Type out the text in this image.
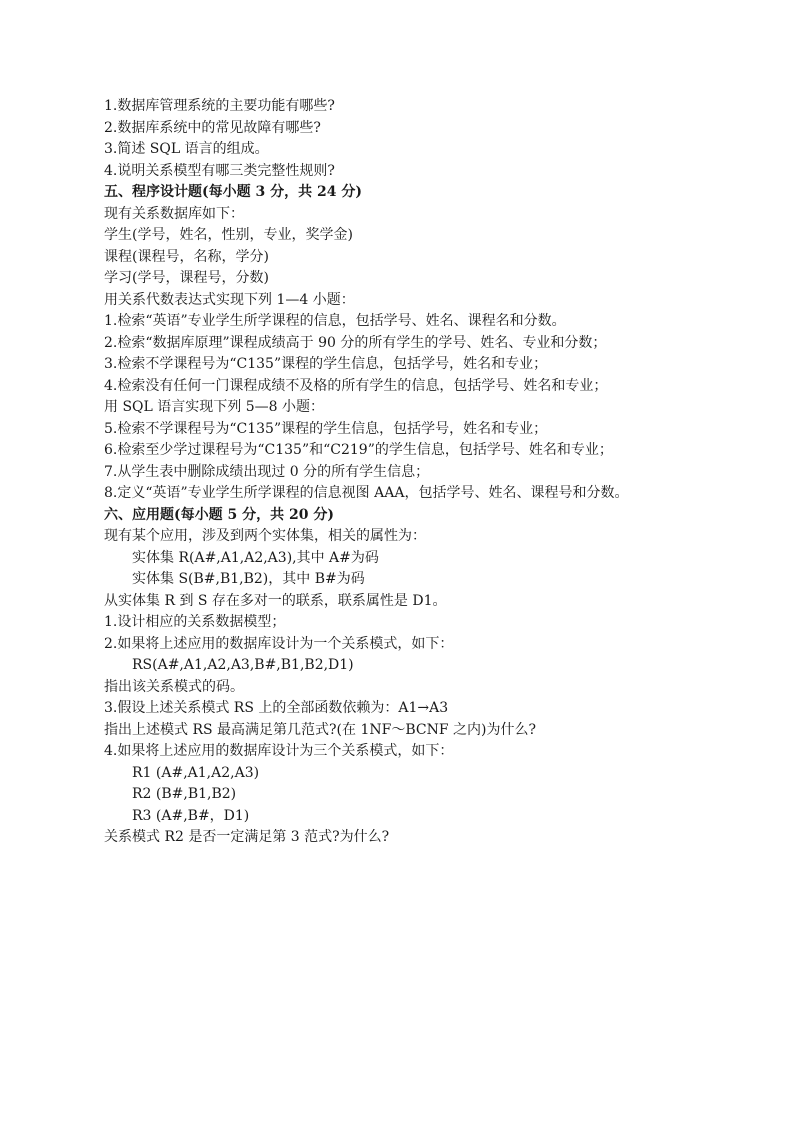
1.数据库管理系统的主要功能有哪些?
2.数据库系统中的常见故障有哪些?
3.简述 SQL 语言的组成。
4.说明关系模型有哪三类完整性规则?
五、程序设计题(每小题 3 分，共 24 分)
现有关系数据库如下：
学生(学号，姓名，性别，专业，奖学金)
课程(课程号，名称，学分)
学习(学号，课程号，分数)
用关系代数表达式实现下列 1—4 小题：
1.检索“英语”专业学生所学课程的信息，包括学号、姓名、课程名和分数。
2.检索“数据库原理”课程成绩高于 90 分的所有学生的学号、姓名、专业和分数；
3.检索不学课程号为“C135”课程的学生信息，包括学号，姓名和专业；
4.检索没有任何一门课程成绩不及格的所有学生的信息，包括学号、姓名和专业；
用 SQL 语言实现下列 5—8 小题：
5.检索不学课程号为“C135”课程的学生信息，包括学号，姓名和专业；
6.检索至少学过课程号为“C135”和“C219”的学生信息，包括学号、姓名和专业；
7.从学生表中删除成绩出现过 0 分的所有学生信息；
8.定义“英语”专业学生所学课程的信息视图 AAA，包括学号、姓名、课程号和分数。
六、应用题(每小题 5 分，共 20 分)
现有某个应用，涉及到两个实体集，相关的属性为：
实体集 R(A#,A1,A2,A3),其中 A#为码
实体集 S(B#,B1,B2)，其中 B#为码
从实体集 R 到 S 存在多对一的联系，联系属性是 D1。
1.设计相应的关系数据模型；
2.如果将上述应用的数据库设计为一个关系模式，如下：
RS(A#,A1,A2,A3,B#,B1,B2,D1)
指出该关系模式的码。
3.假设上述关系模式 RS 上的全部函数依赖为：A1→A3
指出上述模式 RS 最高满足第几范式?(在 1NF～BCNF 之内)为什么?
4.如果将上述应用的数据库设计为三个关系模式，如下：
R1 (A#,A1,A2,A3)
R2 (B#,B1,B2)
R3 (A#,B#，D1)
关系模式 R2 是否一定满足第 3 范式?为什么?
